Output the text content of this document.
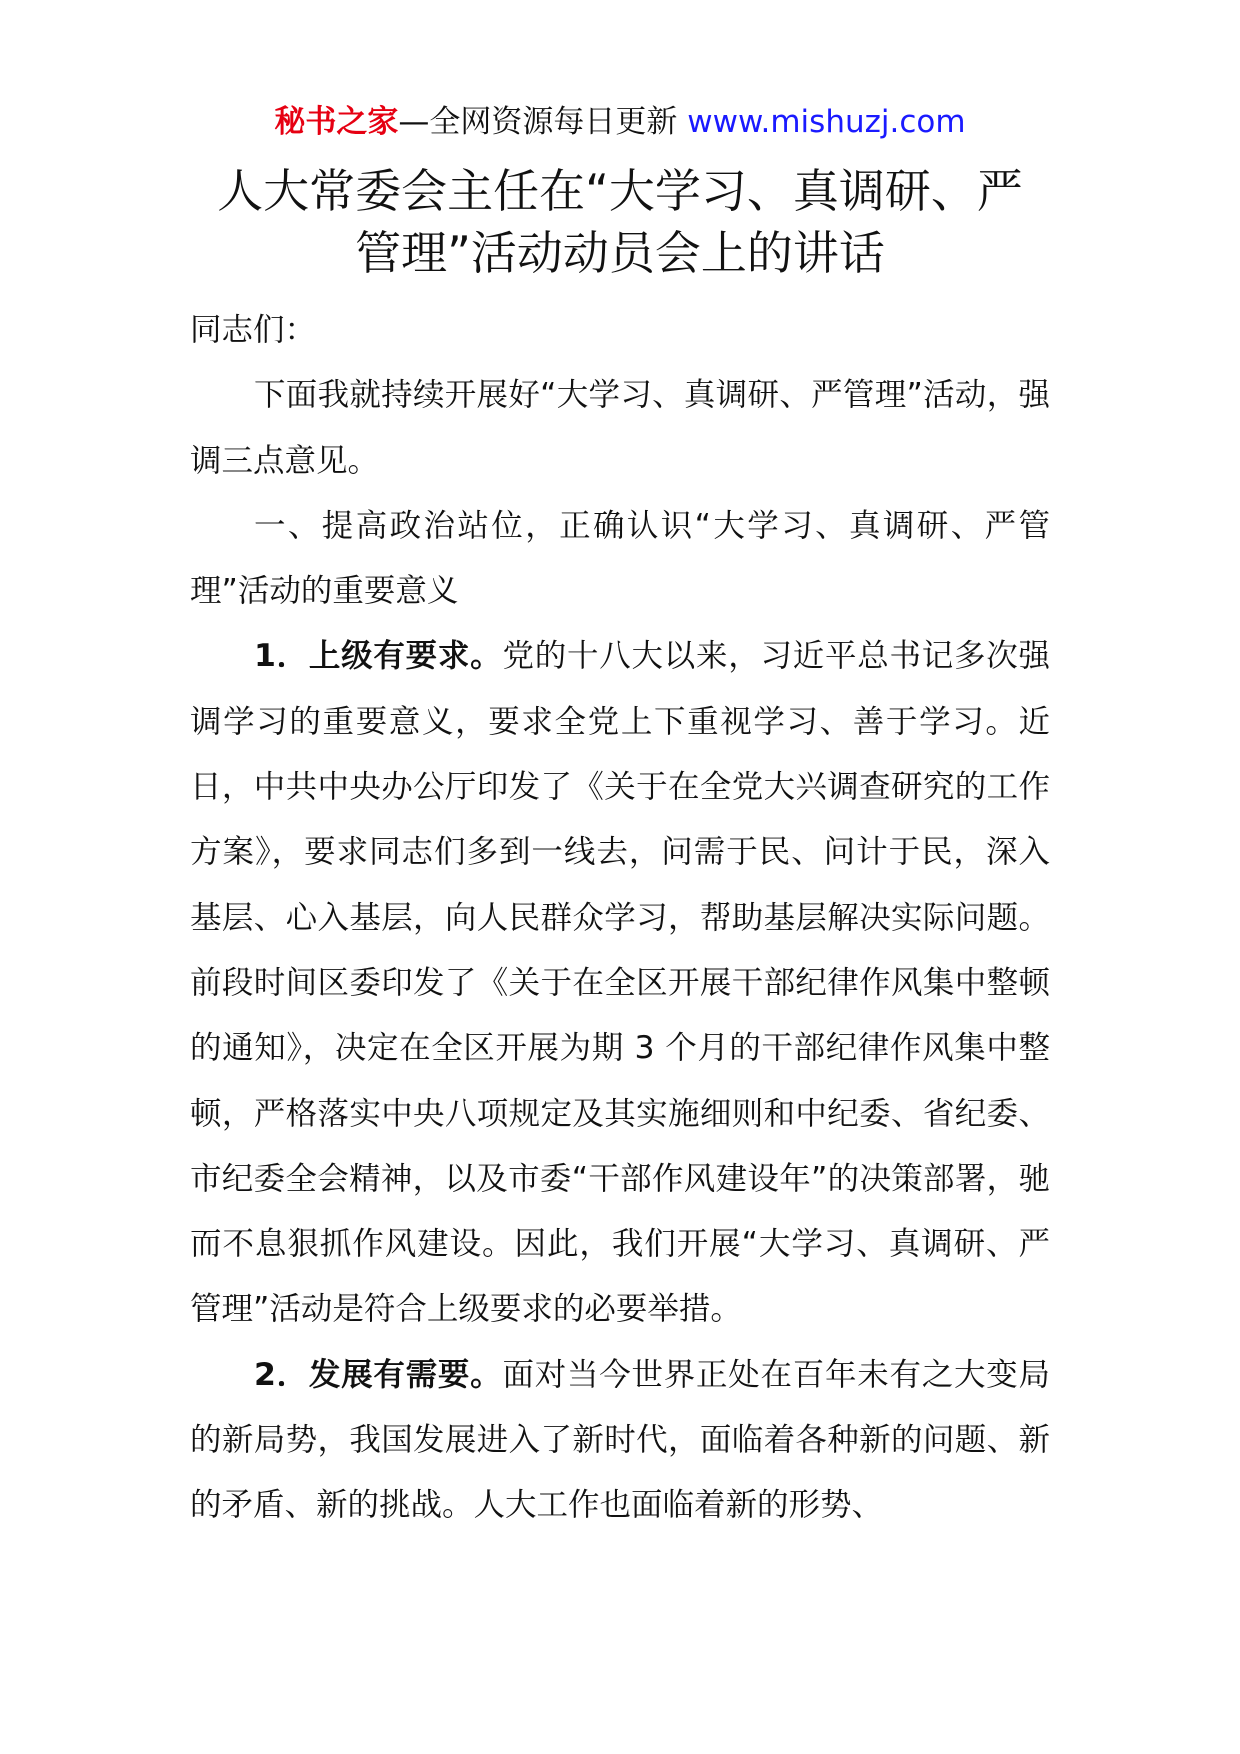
秘书之家—全网资源每日更新 www.mishuzj.com
人大常委会主任在“大学习、真调研、严
管理”活动动员会上的讲话

同志们：

下面我就持续开展好“大学习、真调研、严管理”活动，强调三点意见。

一、提高政治站位，正确认识“大学习、真调研、严管理”活动的重要意义

1．上级有要求。党的十八大以来，习近平总书记多次强调学习的重要意义，要求全党上下重视学习、善于学习。近日，中共中央办公厅印发了《关于在全党大兴调查研究的工作方案》，要求同志们多到一线去，问需于民、问计于民，深入基层、心入基层，向人民群众学习，帮助基层解决实际问题。前段时间区委印发了《关于在全区开展干部纪律作风集中整顿的通知》，决定在全区开展为期 3 个月的干部纪律作风集中整顿，严格落实中央八项规定及其实施细则和中纪委、省纪委、市纪委全会精神，以及市委“干部作风建设年”的决策部署，驰而不息狠抓作风建设。因此，我们开展“大学习、真调研、严管理”活动是符合上级要求的必要举措。

2．发展有需要。面对当今世界正处在百年未有之大变局的新局势，我国发展进入了新时代，面临着各种新的问题、新的矛盾、新的挑战。人大工作也面临着新的形势、
